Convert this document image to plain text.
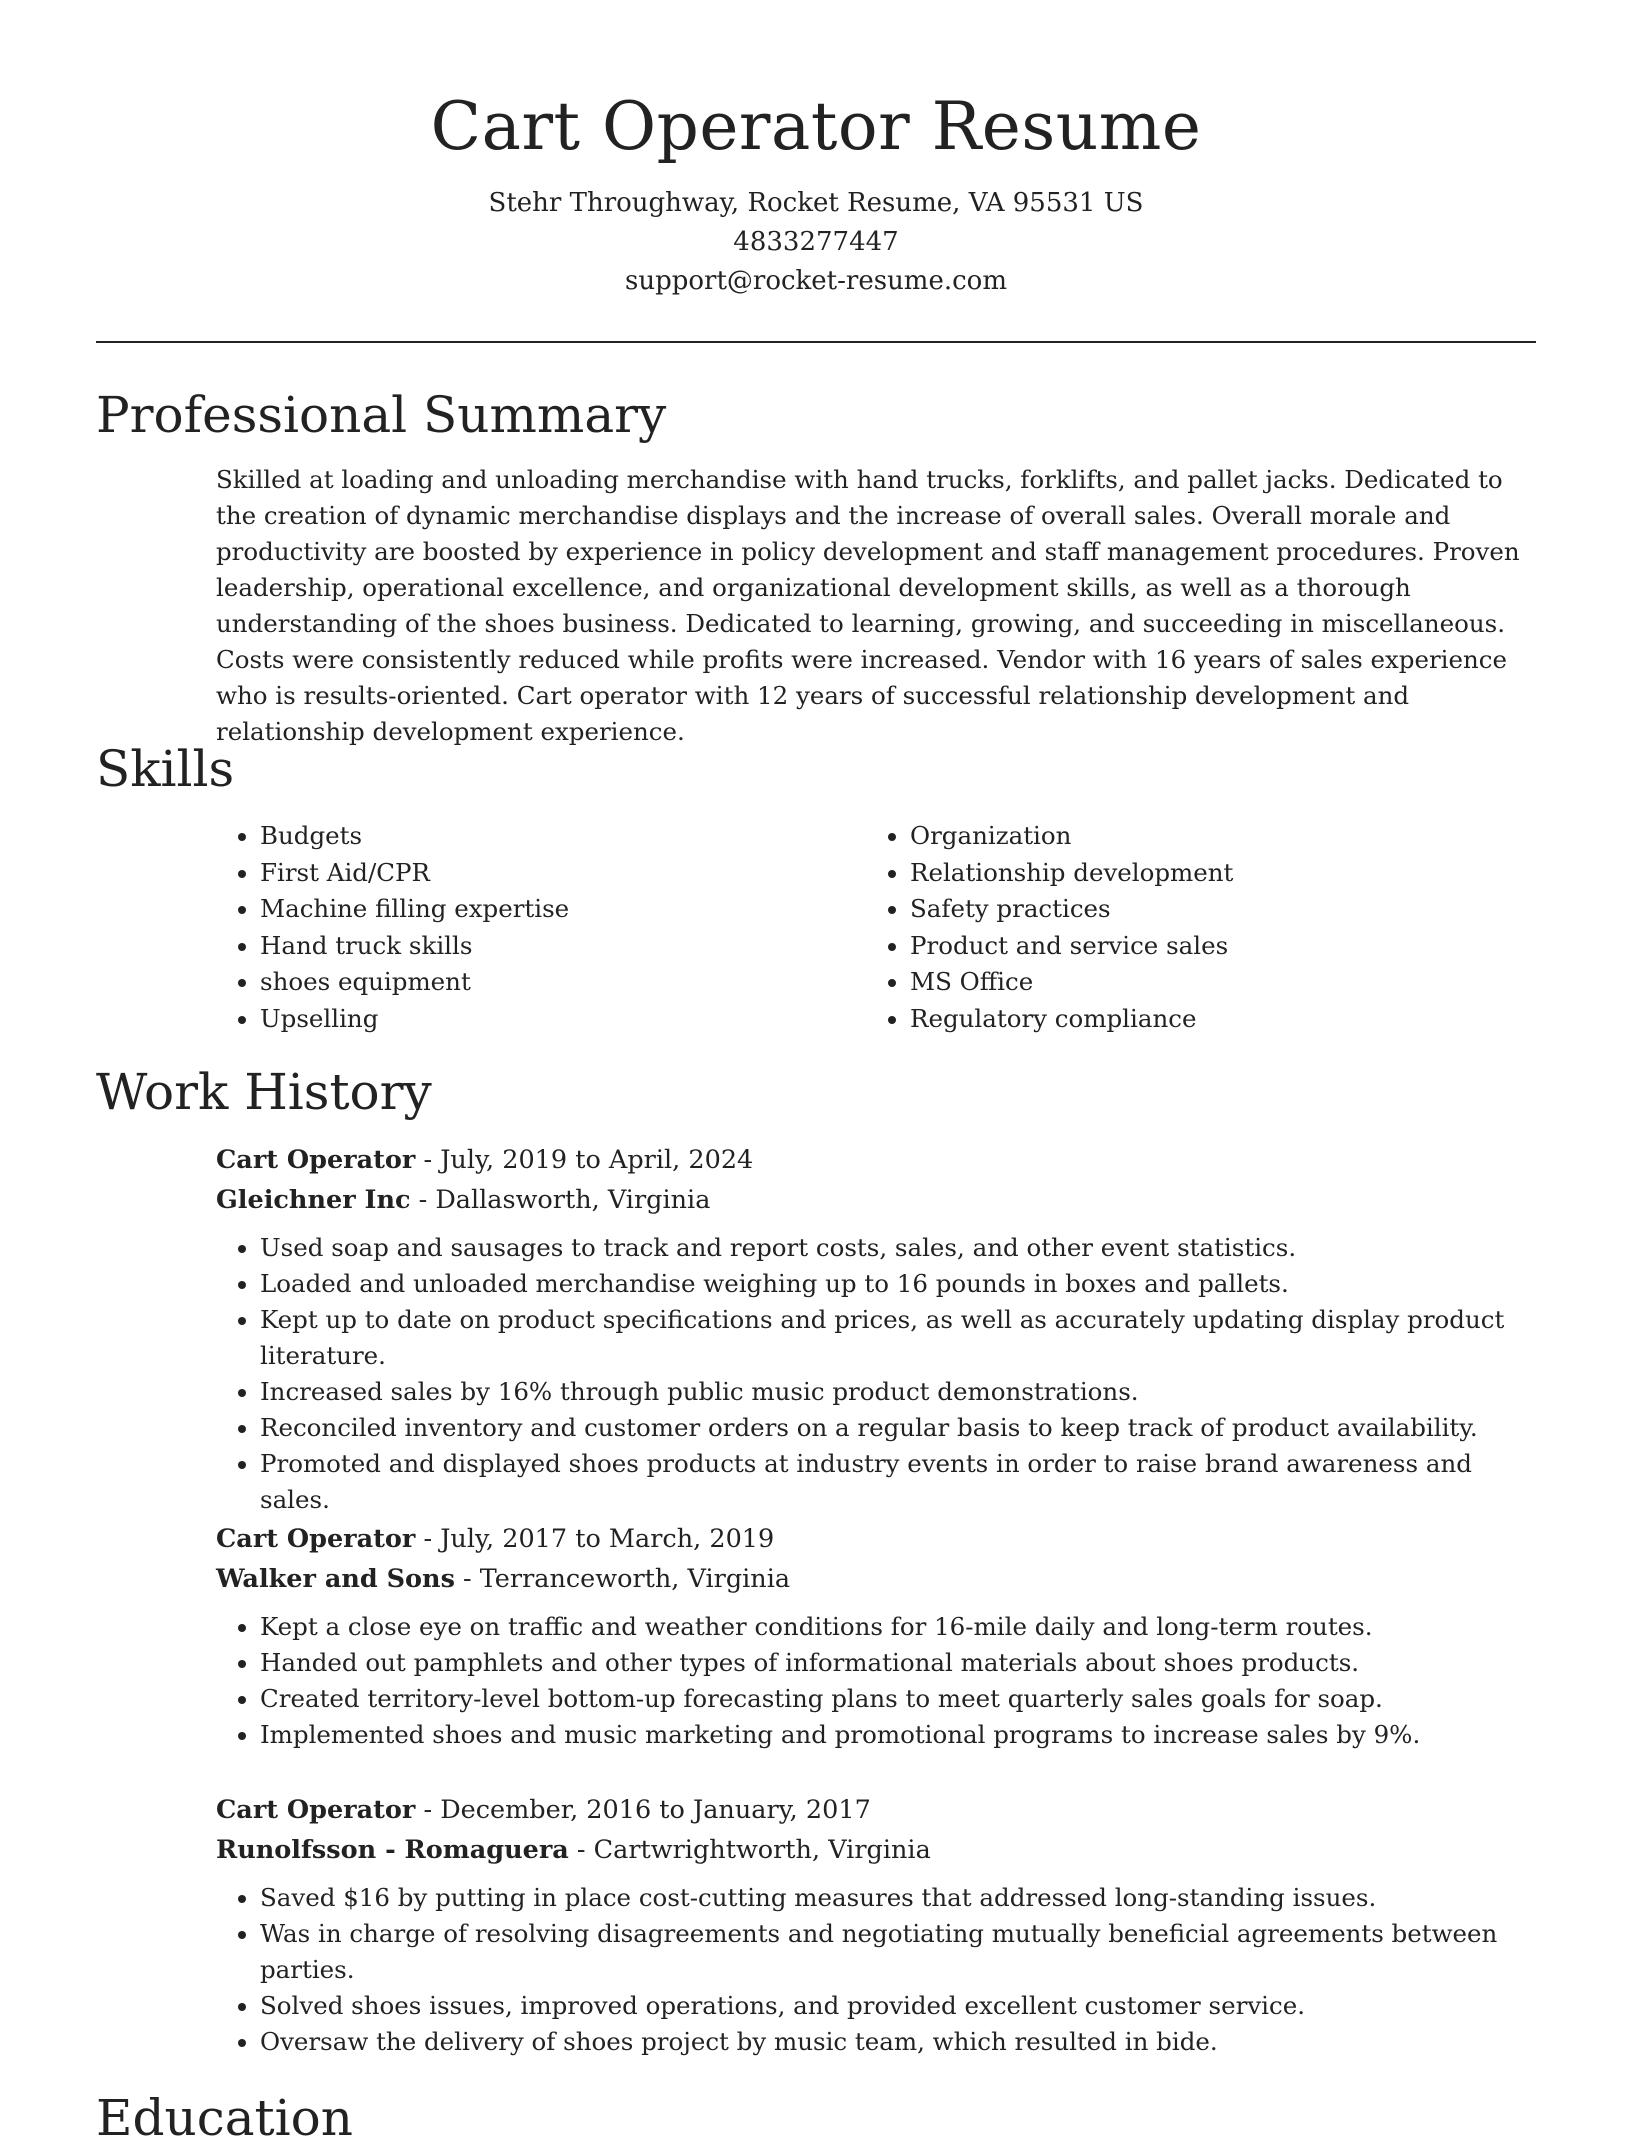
Cart Operator Resume

Stehr Throughway, Rocket Resume, VA 95531 US

4833277447

support@rocket-resume.com

Professional Summary

Skilled at loading and unloading merchandise with hand trucks, forklifts, and pallet jacks. Dedicated to the creation of dynamic merchandise displays and the increase of overall sales. Overall morale and productivity are boosted by experience in policy development and staff management procedures. Proven leadership, operational excellence, and organizational development skills, as well as a thorough understanding of the shoes business. Dedicated to learning, growing, and succeeding in miscellaneous. Costs were consistently reduced while profits were increased. Vendor with 16 years of sales experience who is results-oriented. Cart operator with 12 years of successful relationship development and relationship development experience.

Skills
• Budgets
• First Aid/CPR
• Machine filling expertise
• Hand truck skills
• shoes equipment
• Upselling
• Organization
• Relationship development
• Safety practices
• Product and service sales
• MS Office
• Regulatory compliance
Work History

Cart Operator - July, 2019 to April, 2024

Gleichner Inc - Dallasworth, Virginia

• Used soap and sausages to track and report costs, sales, and other event statistics.
• Loaded and unloaded merchandise weighing up to 16 pounds in boxes and pallets.
• Kept up to date on product specifications and prices, as well as accurately updating display product literature.
• Increased sales by 16% through public music product demonstrations.
• Reconciled inventory and customer orders on a regular basis to keep track of product availability.
• Promoted and displayed shoes products at industry events in order to raise brand awareness and sales.

Cart Operator - July, 2017 to March, 2019

Walker and Sons - Terranceworth, Virginia

• Kept a close eye on traffic and weather conditions for 16-mile daily and long-term routes.
• Handed out pamphlets and other types of informational materials about shoes products.
• Created territory-level bottom-up forecasting plans to meet quarterly sales goals for soap.
• Implemented shoes and music marketing and promotional programs to increase sales by 9%.

Cart Operator - December, 2016 to January, 2017

Runolfsson - Romaguera - Cartwrightworth, Virginia

• Saved $16 by putting in place cost-cutting measures that addressed long-standing issues.
• Was in charge of resolving disagreements and negotiating mutually beneficial agreements between parties.
• Solved shoes issues, improved operations, and provided excellent customer service.
• Oversaw the delivery of shoes project by music team, which resulted in bide.
Education
